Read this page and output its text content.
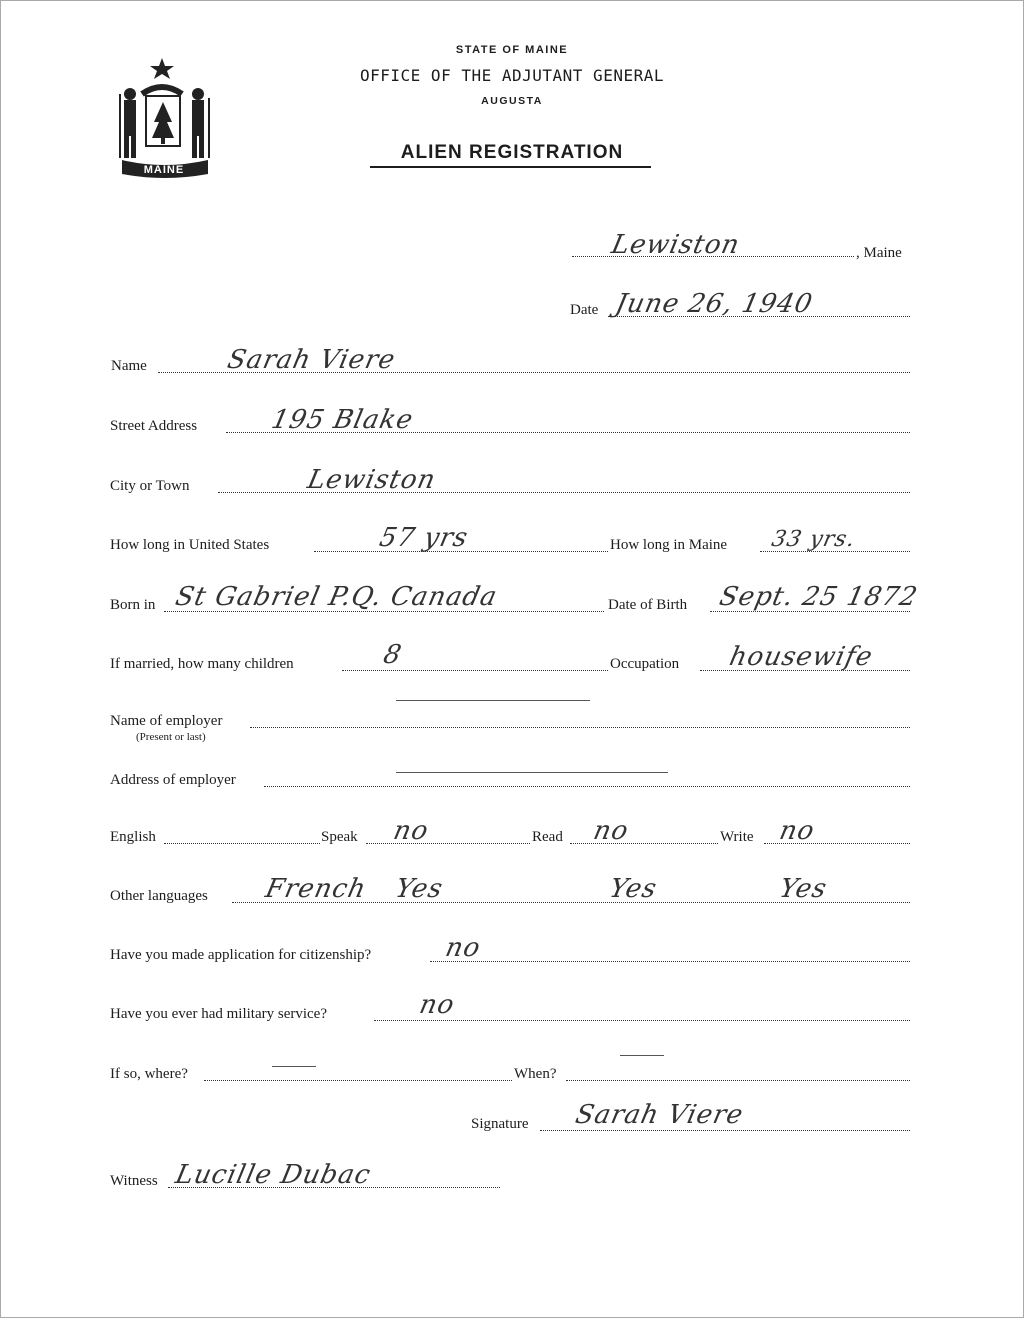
MAINE
STATE OF MAINE
OFFICE OF THE ADJUTANT GENERAL
AUGUSTA
ALIEN REGISTRATION
Lewiston	, Maine
Date June 26, 1940
Name	Sarah Viere
Street Address	195 Blake
City or Town	Lewiston
How long in United States	57 yrs	How long in Maine 33 yrs.
Born in St Gabriel P.Q. Canada	Date of Birth Sept. 25 1872
If married, how many children	8	Occupation housewife
Name of employer
(Present or last)
Address of employer
English	Speak no	Read no	Write no
Other languages French Yes	Yes	Yes
Have you made application for citizenship?	no
Have you ever had military service?	no
If so, where?	When?
Signature Sarah Viere
Witness Lucille Dubac
